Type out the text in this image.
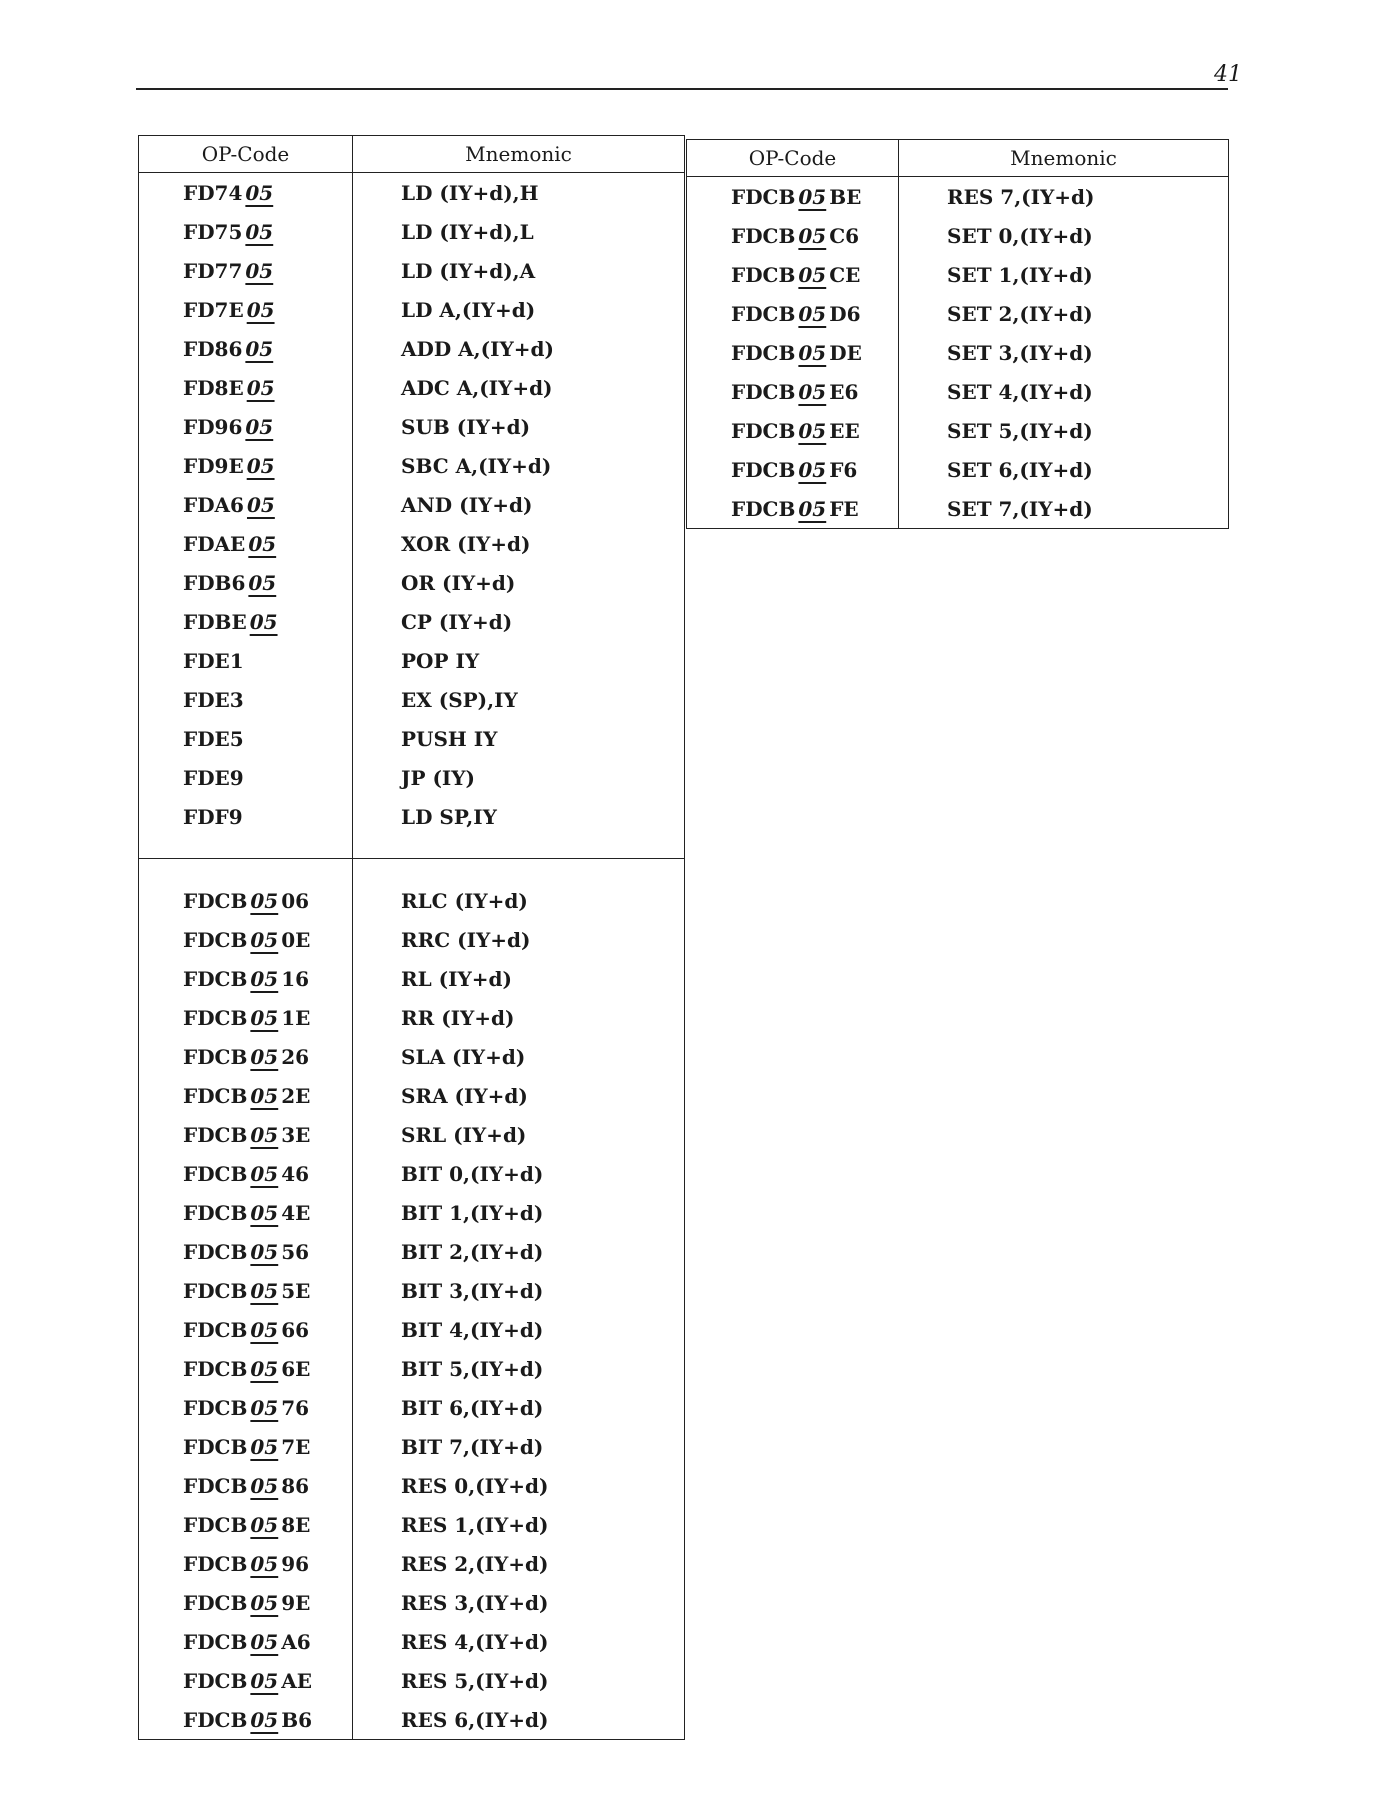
41
OP-Code	Mnemonic
FD74 05	LD (IY+d),H
FD75 05	LD (IY+d),L
FD77 05	LD (IY+d),A
FD7E 05	LD A,(IY+d)
FD86 05	ADD A,(IY+d)
FD8E 05	ADC A,(IY+d)
FD96 05	SUB (IY+d)
FD9E 05	SBC A,(IY+d)
FDA6 05	AND (IY+d)
FDAE 05	XOR (IY+d)
FDB6 05	OR (IY+d)
FDBE 05	CP (IY+d)
FDE1	POP IY
FDE3	EX (SP),IY
FDE5	PUSH IY
FDE9	JP (IY)
FDF9	LD SP,IY

FDCB 05 06	RLC (IY+d)
FDCB 05 0E	RRC (IY+d)
FDCB 05 16	RL (IY+d)
FDCB 05 1E	RR (IY+d)
FDCB 05 26	SLA (IY+d)
FDCB 05 2E	SRA (IY+d)
FDCB 05 3E	SRL (IY+d)
FDCB 05 46	BIT 0,(IY+d)
FDCB 05 4E	BIT 1,(IY+d)
FDCB 05 56	BIT 2,(IY+d)
FDCB 05 5E	BIT 3,(IY+d)
FDCB 05 66	BIT 4,(IY+d)
FDCB 05 6E	BIT 5,(IY+d)
FDCB 05 76	BIT 6,(IY+d)
FDCB 05 7E	BIT 7,(IY+d)
FDCB 05 86	RES 0,(IY+d)
FDCB 05 8E	RES 1,(IY+d)
FDCB 05 96	RES 2,(IY+d)
FDCB 05 9E	RES 3,(IY+d)
FDCB 05 A6	RES 4,(IY+d)
FDCB 05 AE	RES 5,(IY+d)
FDCB 05 B6	RES 6,(IY+d)
OP-Code	Mnemonic
FDCB 05 BE	RES 7,(IY+d)
FDCB 05 C6	SET 0,(IY+d)
FDCB 05 CE	SET 1,(IY+d)
FDCB 05 D6	SET 2,(IY+d)
FDCB 05 DE	SET 3,(IY+d)
FDCB 05 E6	SET 4,(IY+d)
FDCB 05 EE	SET 5,(IY+d)
FDCB 05 F6	SET 6,(IY+d)
FDCB 05 FE	SET 7,(IY+d)
